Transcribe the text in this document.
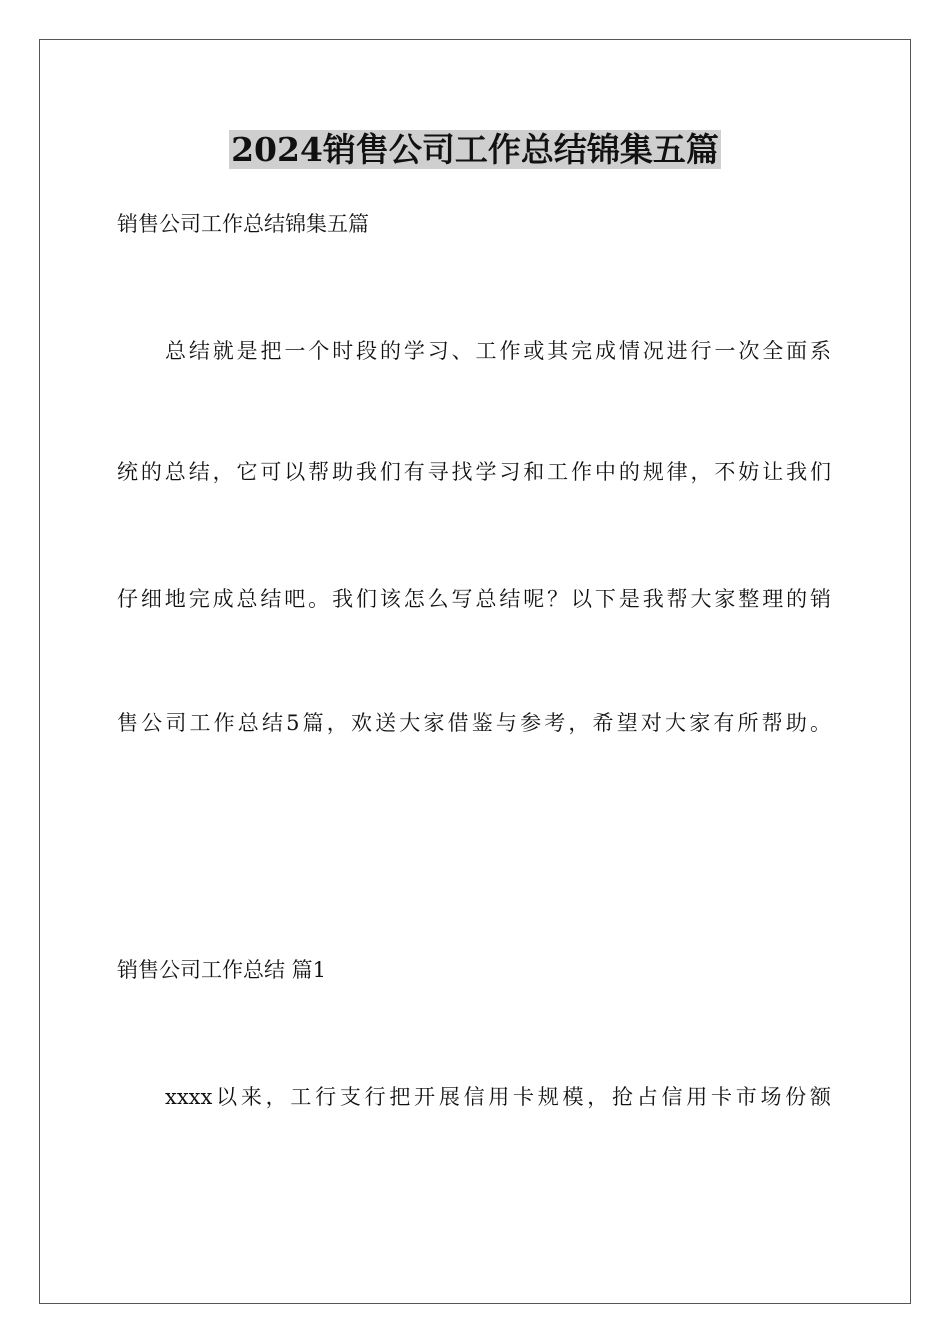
2024销售公司工作总结锦集五篇
销售公司工作总结锦集五篇
总结就是把一个时段的学习、工作或其完成情况进行一次全面系
统的总结，它可以帮助我们有寻找学习和工作中的规律，不妨让我们
仔细地完成总结吧。我们该怎么写总结呢？以下是我帮大家整理的销
售公司工作总结5篇，欢送大家借鉴与参考，希望对大家有所帮助。
销售公司工作总结 篇1
xxxx以来，工行支行把开展信用卡规模，抢占信用卡市场份额
